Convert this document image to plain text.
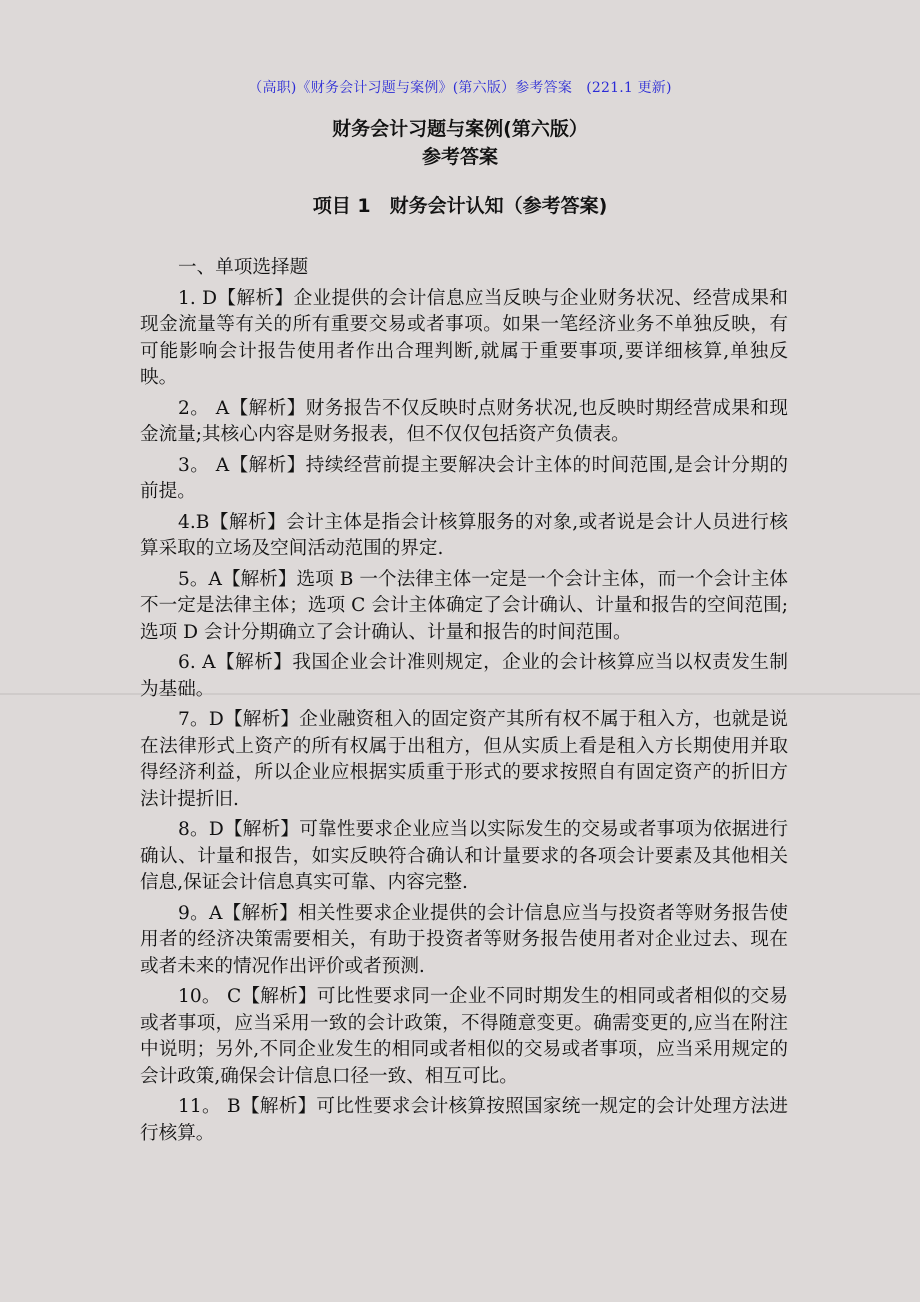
（高职)《财务会计习题与案例》(第六版）参考答案　(221.1 更新)
财务会计习题与案例(第六版）
参考答案
项目 1　财务会计认知（参考答案)

一、单项选择题

1. D【解析】企业提供的会计信息应当反映与企业财务状况、经营成果和现金流量等有关的所有重要交易或者事项。如果一笔经济业务不单独反映，有可能影响会计报告使用者作出合理判断,就属于重要事项,要详细核算,单独反映。

2。 A【解析】财务报告不仅反映时点财务状况,也反映时期经营成果和现金流量;其核心内容是财务报表，但不仅仅包括资产负债表。

3。 A【解析】持续经营前提主要解决会计主体的时间范围,是会计分期的前提。

4.B【解析】会计主体是指会计核算服务的对象,或者说是会计人员进行核算采取的立场及空间活动范围的界定.

5。A【解析】选项 B 一个法律主体一定是一个会计主体，而一个会计主体不一定是法律主体；选项 C 会计主体确定了会计确认、计量和报告的空间范围;选项 D 会计分期确立了会计确认、计量和报告的时间范围。

6. A【解析】我国企业会计准则规定，企业的会计核算应当以权责发生制为基础。

7。D【解析】企业融资租入的固定资产其所有权不属于租入方，也就是说在法律形式上资产的所有权属于出租方，但从实质上看是租入方长期使用并取得经济利益，所以企业应根据实质重于形式的要求按照自有固定资产的折旧方法计提折旧.

8。D【解析】可靠性要求企业应当以实际发生的交易或者事项为依据进行确认、计量和报告，如实反映符合确认和计量要求的各项会计要素及其他相关信息,保证会计信息真实可靠、内容完整.

9。A【解析】相关性要求企业提供的会计信息应当与投资者等财务报告使用者的经济决策需要相关，有助于投资者等财务报告使用者对企业过去、现在或者未来的情况作出评价或者预测.

10。 C【解析】可比性要求同一企业不同时期发生的相同或者相似的交易或者事项，应当采用一致的会计政策，不得随意变更。确需变更的,应当在附注中说明；另外,不同企业发生的相同或者相似的交易或者事项，应当采用规定的会计政策,确保会计信息口径一致、相互可比。

11。 B【解析】可比性要求会计核算按照国家统一规定的会计处理方法进行核算。
